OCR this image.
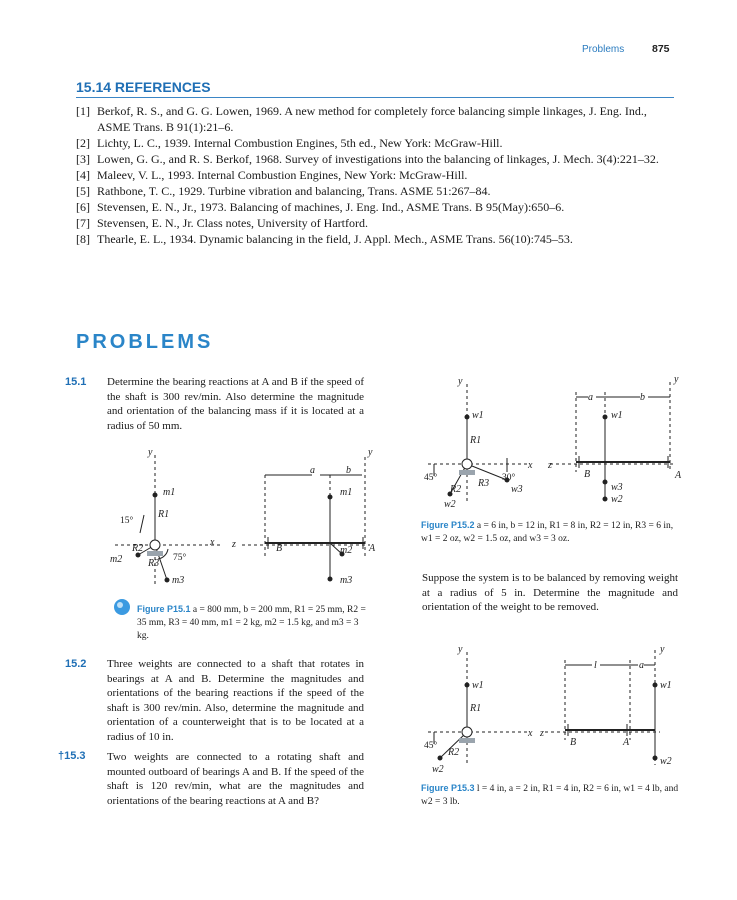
Problems	875
15.14 REFERENCES
[1] Berkof, R. S., and G. G. Lowen, 1969. A new method for completely force balancing simple linkages, J. Eng. Ind., ASME Trans. B 91(1):21–6.
[2] Lichty, L. C., 1939. Internal Combustion Engines, 5th ed., New York: McGraw-Hill.
[3] Lowen, G. G., and R. S. Berkof, 1968. Survey of investigations into the balancing of linkages, J. Mech. 3(4):221–32.
[4] Maleev, V. L., 1993. Internal Combustion Engines, New York: McGraw-Hill.
[5] Rathbone, T. C., 1929. Turbine vibration and balancing, Trans. ASME 51:267–84.
[6] Stevensen, E. N., Jr., 1973. Balancing of machines, J. Eng. Ind., ASME Trans. B 95(May):650–6.
[7] Stevensen, E. N., Jr. Class notes, University of Hartford.
[8] Thearle, E. L., 1934. Dynamic balancing in the field, J. Appl. Mech., ASME Trans. 56(10):745–53.
PROBLEMS
15.1 Determine the bearing reactions at A and B if the speed of the shaft is 300 rev/min. Also determine the magnitude and orientation of the balancing mass if it is located at a radius of 50 mm.
y	y
x z
m1	m1
m2
m2
m3	m3
R1
R2
R3
a	b
B	A
15°
75°
Figure P15.1 a = 800 mm, b = 200 mm, R1 = 25 mm, R2 = 35 mm, R3 = 40 mm, m1 = 2 kg, m2 = 1.5 kg, and m3 = 3 kg.
15.2 Three weights are connected to a shaft that rotates in bearings at A and B. Determine the magnitudes and orientations of the bearing reactions if the speed of the shaft is 300 rev/min. Also, determine the magnitude and orientation of a counterweight that is to be located at a radius of 10 in.
†15.3 Two weights are connected to a rotating shaft and mounted outboard of bearings A and B. If the speed of the shaft is 120 rev/min, what are the magnitudes and orientations of the bearing reactions at A and B?
y	y
x z
w1	w1
w2	w2
w3	w3
R1
R2
R3
a	b
B	A
45°	30°
Figure P15.2 a = 6 in, b = 12 in, R1 = 8 in, R2 = 12 in, R3 = 6 in, w1 = 2 oz, w2 = 1.5 oz, and w3 = 3 oz.
Suppose the system is to be balanced by removing weight at a radius of 5 in. Determine the magnitude and orientation of the weight to be removed.
y	y
x z
w1	w1
w2
w2
R1
R2
l	a
B	A
45°
Figure P15.3 l = 4 in, a = 2 in, R1 = 4 in, R2 = 6 in, w1 = 4 lb, and w2 = 3 lb.
